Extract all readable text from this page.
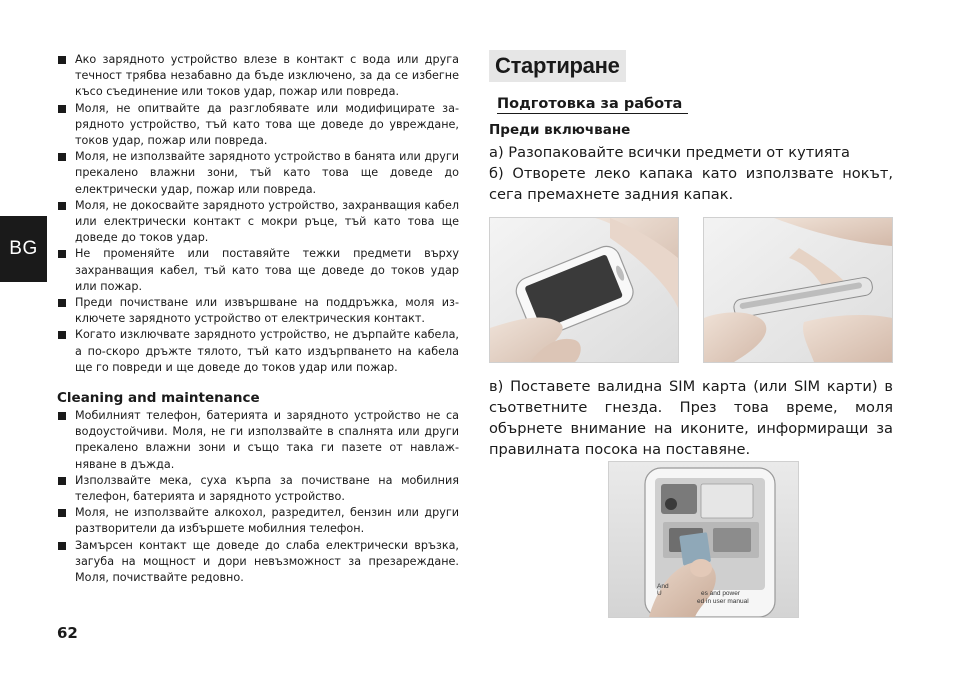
BG
Ако зарядното устройство влезе в контакт с вода или друга течност трябва незабавно да бъде изключено, за да се избегне късо съединение или токов удар, пожар или повреда.
Моля, не опитвайте да разглобявате или модифицирате зарядното устройство, тъй като това ще доведе до увреждане, токов удар, пожар или повреда.
Моля, не използвайте зарядното устройство в банята или други прекалено влажни зони, тъй като това ще доведе до електрически удар, пожар или повреда.
Моля, не докосвайте зарядното устройство, захранващия кабел или електрически контакт с мокри ръце, тъй като това ще доведе до токов удар.
Не променяйте или поставяйте тежки предмети върху захранващия кабел, тъй като това ще доведе до токов удар или пожар.
Преди почистване или извършване на поддръжка, моля изключете зарядното устройство от електрическия контакт.
Когато изключвате зарядното устройство, не дърпайте кабела, а по-скоро дръжте тялото, тъй като издърпването на кабела ще го повреди и ще доведе до токов удар или пожар.
Cleaning and maintenance
Мобилният телефон, батерията и зарядното устройство не са водоустойчиви. Моля, не ги използвайте в спалнята или други прекалено влажни зони и също така ги пазете от навлажняване в дъжда.
Използвайте мека, суха кърпа за почистване на мобилния телефон, батерията и зарядното устройство.
Моля, не използвайте алкохол, разредител, бензин или други разтворители да избършете мобилния телефон.
Замърсен контакт ще доведе до слаба електрически връзка, загуба на мощност и дори невъзможност за презареждане. Моля, почиствайте редовно.
62
Стартиране
Подготовка за работа
Преди включване
а) Разопаковайте всички предмети от кутията
б) Отворете леко капака като използвате нокът, сега премахнете задния капак.
в) Поставете валидна SIM карта (или SIM карти) в съответните гнезда. През това време, моля обърнете внимание на иконите, информиращи за правилната посока на поставяне.
And
U	es and power
ed in user manual
